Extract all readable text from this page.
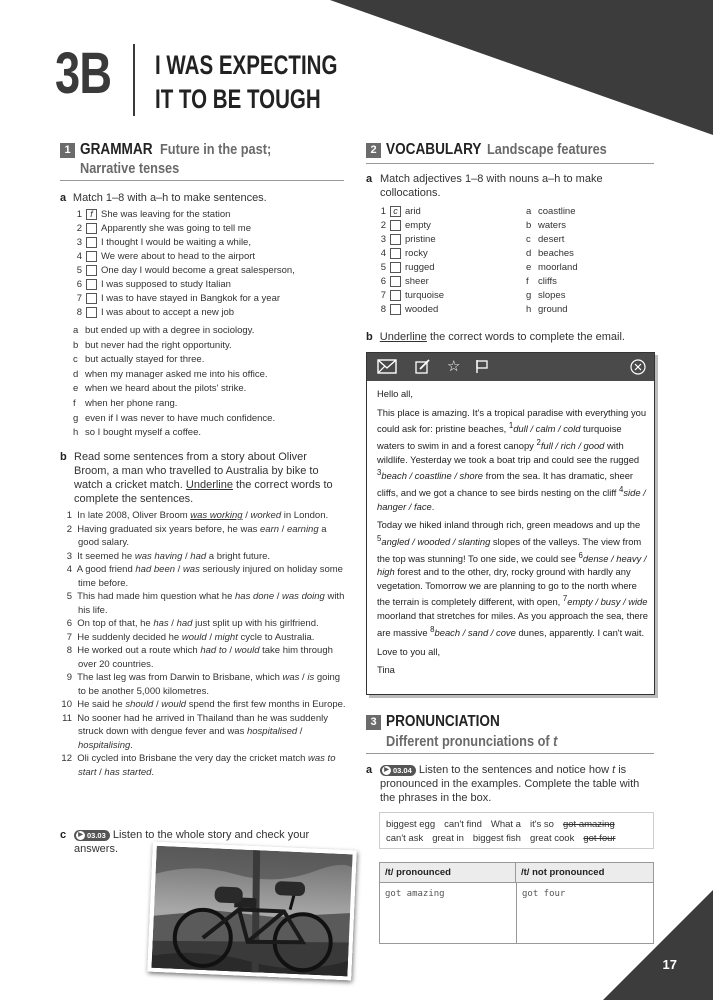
17
3B I WAS EXPECTING
IT TO BE TOUGH
1 GRAMMAR Future in the past;
Narrative tenses
a Match 1–8 with a–h to make sentences.
1 f She was leaving for the station
2 Apparently she was going to tell me
3 I thought I would be waiting a while,
4 We were about to head to the airport
5 One day I would become a great salesperson,
6 I was supposed to study Italian
7 I was to have stayed in Bangkok for a year
8 I was about to accept a new job
a but ended up with a degree in sociology.
b but never had the right opportunity.
c but actually stayed for three.
d when my manager asked me into his office.
e when we heard about the pilots' strike.
f when her phone rang.
g even if I was never to have much confidence.
h so I bought myself a coffee.
b Read some sentences from a story about Oliver Broom, a man who travelled to Australia by bike to watch a cricket match. Underline the correct words to complete the sentences.
1  In late 2008, Oliver Broom was working / worked in London.
2  Having graduated six years before, he was earn / earning a good salary.
3  It seemed he was having / had a bright future.
4  A good friend had been / was seriously injured on holiday some time before.
5  This had made him question what he has done / was doing with his life.
6  On top of that, he has / had just split up with his girlfriend.
7  He suddenly decided he would / might cycle to Australia.
8  He worked out a route which had to / would take him through over 20 countries.
9  The last leg was from Darwin to Brisbane, which was / is going to be another 5,000 kilometres.
10  He said he should / would spend the first few months in Europe.
11  No sooner had he arrived in Thailand than he was suddenly struck down with dengue fever and was hospitalised / hospitalising.
12  Oli cycled into Brisbane the very day the cricket match was to start / has started.
c ▶ 03.03 Listen to the whole story and check your answers.
2 VOCABULARY Landscape features
a Match adjectives 1–8 with nouns a–h to make collocations.
1 c arid
2 empty
3 pristine
4 rocky
5 rugged
6 sheer
7 turquoise
8 wooded
a coastline
b waters
c desert
d beaches
e moorland
f cliffs
g slopes
h ground
b Underline the correct words to complete the email.
☆

Hello all,

This place is amazing. It's a tropical paradise with everything you could ask for: pristine beaches, $^1$dull / calm / cold turquoise waters to swim in and a forest canopy $^2$full / rich / good with wildlife. Yesterday we took a boat trip and could see the rugged $^3$beach / coastline / shore from the sea. It has dramatic, sheer cliffs, and we got a chance to see birds nesting on the cliff $^4$side / hanger / face.

Today we hiked inland through rich, green meadows and up the $^5$angled / wooded / slanting slopes of the valleys. The view from the top was stunning! To one side, we could see $^6$dense / heavy / high forest and to the other, dry, rocky ground with hardly any vegetation. Tomorrow we are planning to go to the north where the terrain is completely different, with open, $^7$empty / busy / wide moorland that stretches for miles. As you approach the sea, there are massive $^8$beach / sand / cove dunes, apparently. I can't wait.

Love to you all,

Tina

3 PRONUNCIATION
Different pronunciations of t
a ▶ 03.04 Listen to the sentences and notice how t is pronounced in the examples. Complete the table with the phrases in the box.
biggest egg can't find What a it's so got amazing
can't ask great in biggest fish great cook got four
/t/ pronounced	/t/ not pronounced
got amazing	got four
